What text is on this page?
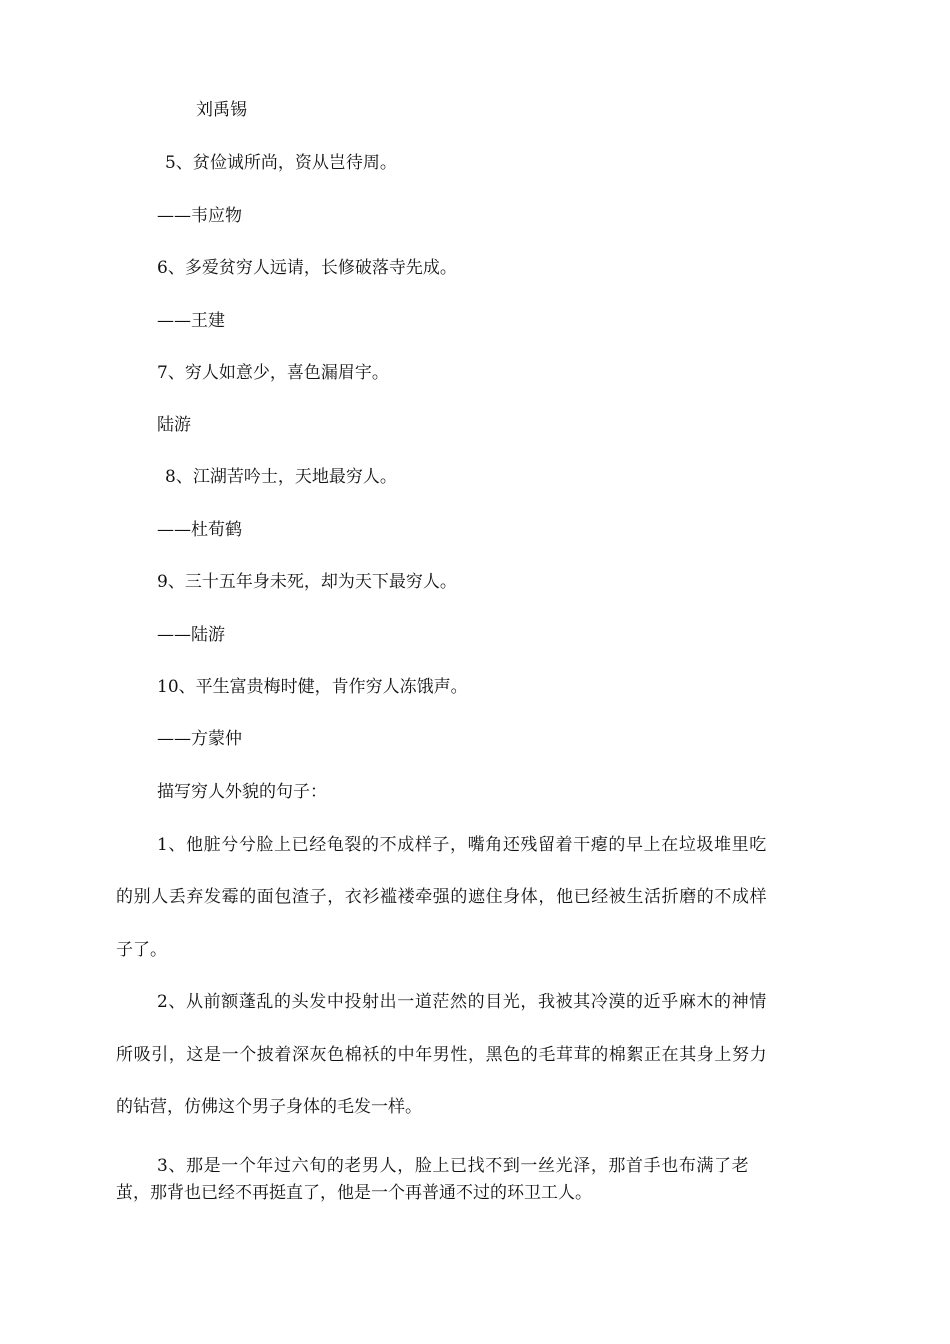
刘禹锡

5、贫俭诚所尚，资从岂待周。

——韦应物

6、多爱贫穷人远请，长修破落寺先成。

——王建

7、穷人如意少，喜色漏眉宇。

陆游

8、江湖苦吟士，天地最穷人。

——杜荀鹤

9、三十五年身未死，却为天下最穷人。

——陆游

10、平生富贵梅时健，肯作穷人冻饿声。

——方蒙仲

描写穷人外貌的句子：

1、他脏兮兮脸上已经龟裂的不成样子，嘴角还残留着干瘪的早上在垃圾堆里吃

的别人丢弃发霉的面包渣子，衣衫褴褛牵强的遮住身体，他已经被生活折磨的不成样

子了。

2、从前额蓬乱的头发中投射出一道茫然的目光，我被其冷漠的近乎麻木的神情

所吸引，这是一个披着深灰色棉袄的中年男性，黑色的毛茸茸的棉絮正在其身上努力

的钻营，仿佛这个男子身体的毛发一样。

3、那是一个年过六旬的老男人，脸上已找不到一丝光泽，那首手也布满了老

茧，那背也已经不再挺直了，他是一个再普通不过的环卫工人。
